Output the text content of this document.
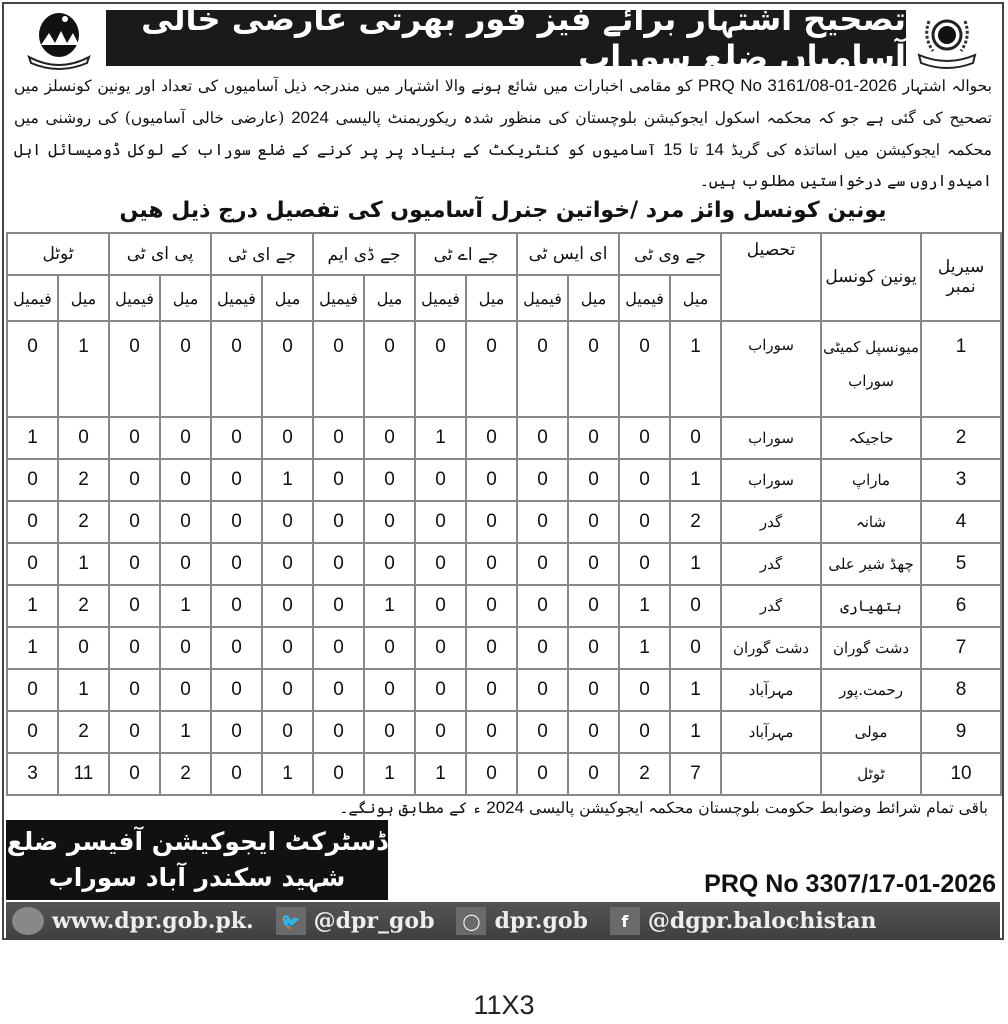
تصحیح اشتہار برائے فیز فور بھرتی عارضی خالی آسامیاں ضلع سوراب
بحوالہ اشتہار PRQ No 3161/08-01-2026 کو مقامی اخبارات میں شائع ہونے والا اشتہار میں مندرجہ ذیل آسامیوں کی تعداد اور یونین کونسلز میں تصحیح کی گئی ہے جو کہ محکمہ اسکول ایجوکیشن بلوچستان کی منظور شدہ ریکوریمنٹ پالیسی 2024 (عارضی خالی آسامیوں) کی روشنی میں محکمہ ایجوکیشن میں اساتذہ کی گریڈ 14 تا 15 آسامیوں کو کنٹریکٹ کے بنیاد پر پر کرنے کے ضلع سوراب کے لوکل ڈومیسائل اہل امیدواروں سے درخواستیں مطلوب ہیں۔
یونین کونسل وائز مرد /خواتین جنرل آسامیوں کی تفصیل درج ذیل ھیں
سیریل نمبر	یونین کونسل	تحصیل	جے وی ٹی		ای ایس ٹی		جے اے ٹی		جے ڈی ایم		جے ای ٹی		پی ای ٹی		ٹوٹل	
			میل	فیمیل	میل	فیمیل	میل	فیمیل	میل	فیمیل	میل	فیمیل	میل	فیمیل	میل	فیمیل
1	میونسپل کمیٹی سوراب	سوراب	1	0	0	0	0	0	0	0	0	0	0	0	1	0
2	حاجیکہ	سوراب	0	0	0	0	0	1	0	0	0	0	0	0	0	1
3	ماراپ	سوراب	1	0	0	0	0	0	0	0	1	0	0	0	2	0
4	شانہ	گدر	2	0	0	0	0	0	0	0	0	0	0	0	2	0
5	چھڈ شیر علی	گدر	1	0	0	0	0	0	0	0	0	0	0	0	1	0
6	ہتھیاری	گدر	0	1	0	0	0	0	1	0	0	0	1	0	2	1
7	دشت گوران	دشت گوران	0	1	0	0	0	0	0	0	0	0	0	0	0	1
8	رحمت.پور	مہرآباد	1	0	0	0	0	0	0	0	0	0	0	0	1	0
9	مولی	مہرآباد	1	0	0	0	0	0	0	0	0	0	1	0	2	0
10	ٹوٹل		7	2	0	0	0	1	1	0	1	0	2	0	11	3
باقی تمام شرائط وضوابط حکومت بلوچستان محکمہ ایجوکیشن پالیسی 2024 ء کے مطابق ہونگے۔
ڈسٹرکٹ ایجوکیشن آفیسر ضلع
شہید سکندر آباد سوراب	PRQ No 3307/17-01-2026
www.dpr.gob.pk.	🐦 @dpr_gob	◯ dpr.gob	f @dgpr.balochistan
11X3
